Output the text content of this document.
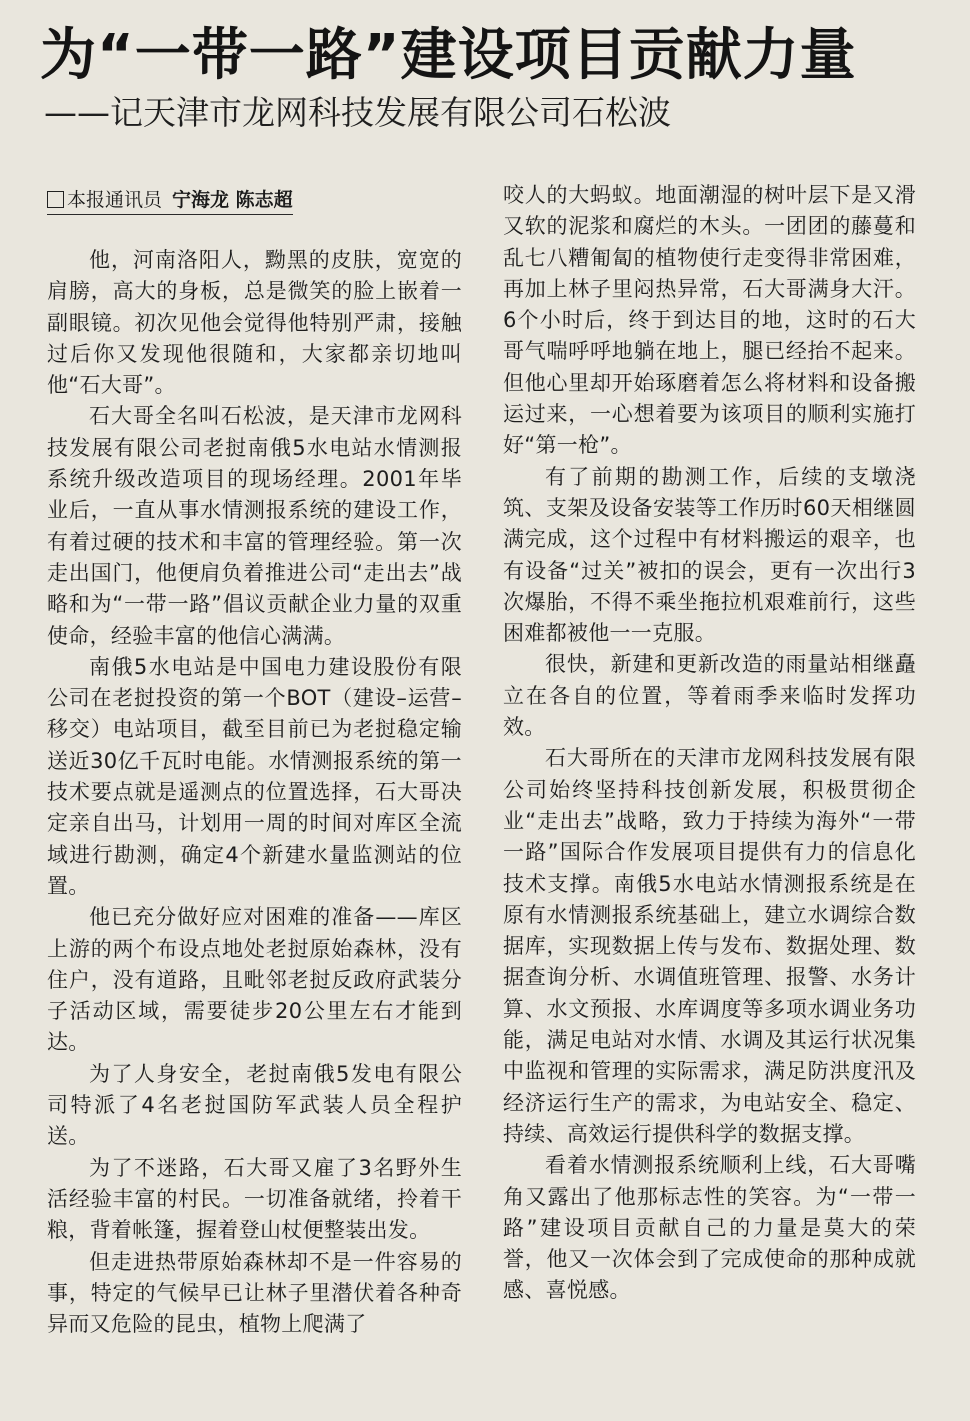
为“一带一路”建设项目贡献力量
——记天津市龙网科技发展有限公司石松波
本报通讯员 宁海龙 陈志超

他，河南洛阳人，黝黑的皮肤，宽宽的肩膀，高大的身板，总是微笑的脸上嵌着一副眼镜。初次见他会觉得他特别严肃，接触过后你又发现他很随和，大家都亲切地叫他“石大哥”。

石大哥全名叫石松波，是天津市龙网科技发展有限公司老挝南俄5水电站水情测报系统升级改造项目的现场经理。2001年毕业后，一直从事水情测报系统的建设工作，有着过硬的技术和丰富的管理经验。第一次走出国门，他便肩负着推进公司“走出去”战略和为“一带一路”倡议贡献企业力量的双重使命，经验丰富的他信心满满。

南俄5水电站是中国电力建设股份有限公司在老挝投资的第一个BOT（建设–运营–移交）电站项目，截至目前已为老挝稳定输送近30亿千瓦时电能。水情测报系统的第一技术要点就是遥测点的位置选择，石大哥决定亲自出马，计划用一周的时间对库区全流域进行勘测，确定4个新建水量监测站的位置。

他已充分做好应对困难的准备——库区上游的两个布设点地处老挝原始森林，没有住户，没有道路，且毗邻老挝反政府武装分子活动区域，需要徒步20公里左右才能到达。

为了人身安全，老挝南俄5发电有限公司特派了4名老挝国防军武装人员全程护送。

为了不迷路，石大哥又雇了3名野外生活经验丰富的村民。一切准备就绪，拎着干粮，背着帐篷，握着登山杖便整装出发。

但走进热带原始森林却不是一件容易的事，特定的气候早已让林子里潜伏着各种奇异而又危险的昆虫，植物上爬满了

咬人的大蚂蚁。地面潮湿的树叶层下是又滑又软的泥浆和腐烂的木头。一团团的藤蔓和乱七八糟匍匐的植物使行走变得非常困难，再加上林子里闷热异常，石大哥满身大汗。6个小时后，终于到达目的地，这时的石大哥气喘呼呼地躺在地上，腿已经抬不起来。但他心里却开始琢磨着怎么将材料和设备搬运过来，一心想着要为该项目的顺利实施打好“第一枪”。

有了前期的勘测工作，后续的支墩浇筑、支架及设备安装等工作历时60天相继圆满完成，这个过程中有材料搬运的艰辛，也有设备“过关”被扣的误会，更有一次出行3次爆胎，不得不乘坐拖拉机艰难前行，这些困难都被他一一克服。

很快，新建和更新改造的雨量站相继矗立在各自的位置，等着雨季来临时发挥功效。

石大哥所在的天津市龙网科技发展有限公司始终坚持科技创新发展，积极贯彻企业“走出去”战略，致力于持续为海外“一带一路”国际合作发展项目提供有力的信息化技术支撑。南俄5水电站水情测报系统是在原有水情测报系统基础上，建立水调综合数据库，实现数据上传与发布、数据处理、数据查询分析、水调值班管理、报警、水务计算、水文预报、水库调度等多项水调业务功能，满足电站对水情、水调及其运行状况集中监视和管理的实际需求，满足防洪度汛及经济运行生产的需求，为电站安全、稳定、持续、高效运行提供科学的数据支撑。

看着水情测报系统顺利上线，石大哥嘴角又露出了他那标志性的笑容。为“一带一路”建设项目贡献自己的力量是莫大的荣誉，他又一次体会到了完成使命的那种成就感、喜悦感。
